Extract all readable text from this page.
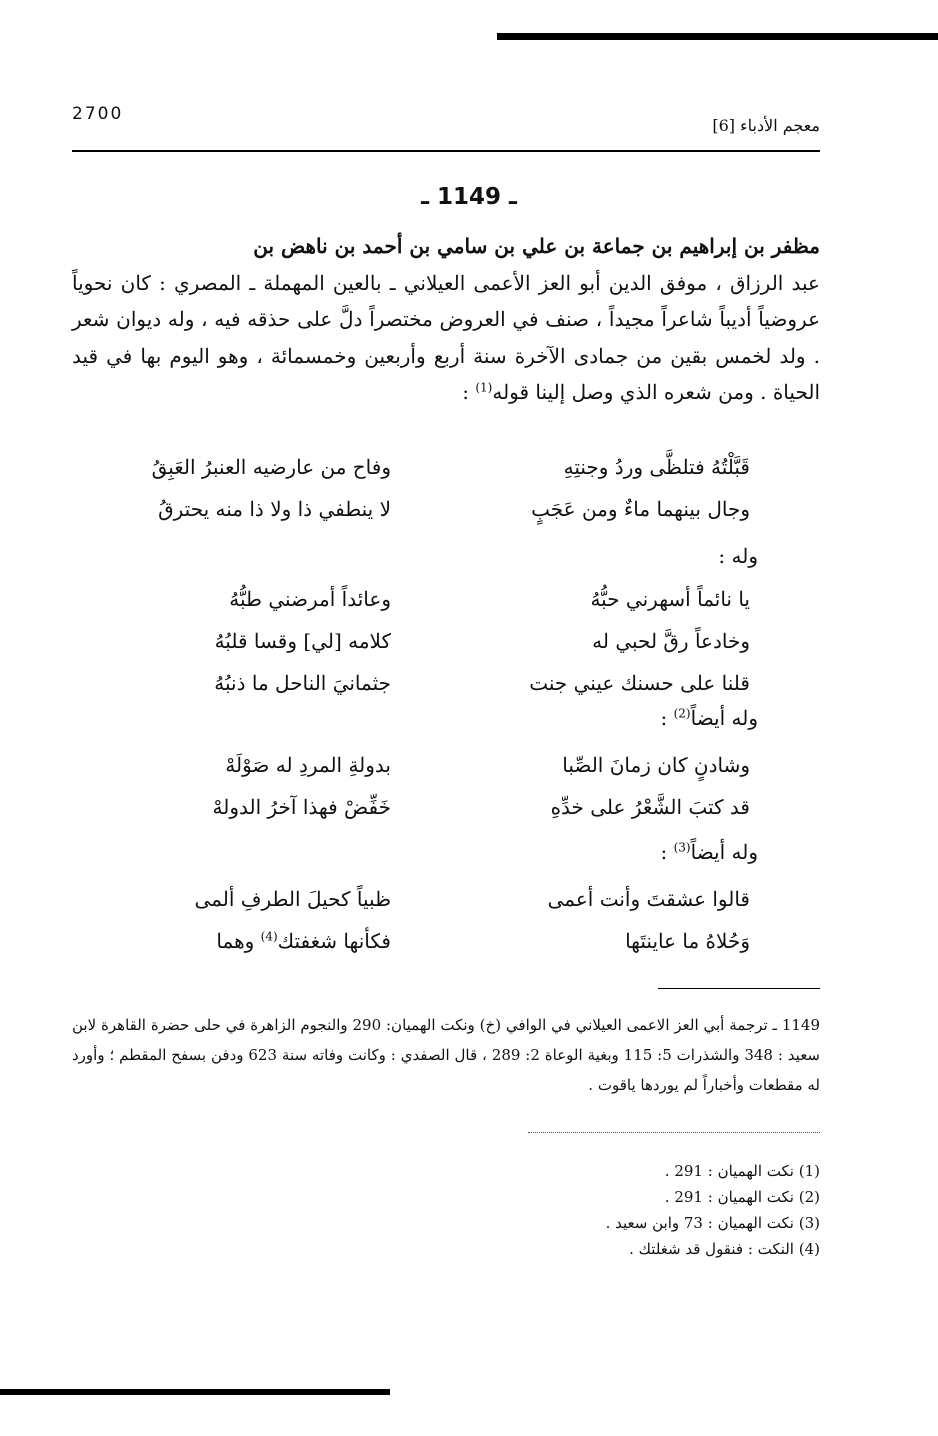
2700
معجم الأدباء [6]
ـ 1149 ـ

مظفر بن إبراهيم بن جماعة بن علي بن سامي بن أحمد بن ناهض بن

عبد الرزاق ، موفق الدين أبو العز الأعمى العيلاني ـ بالعين المهملة ـ المصري : كان نحوياً عروضياً أديباً شاعراً مجيداً ، صنف في العروض مختصراً دلَّ على حذقه فيه ، وله ديوان شعر . ولد لخمس بقين من جمادى الآخرة سنة أربع وأربعين وخمسمائة ، وهو اليوم بها في قيد الحياة . ومن شعره الذي وصل إلينا قوله$^{(1)}$ :

قَبَّلْتُهُ فتلظَّى وردُ وجنتِهِ
وفاح من عارضيه العنبرُ العَبِقُ
وجال بينهما ماءٌ ومن عَجَبٍ
لا ينطفي ذا ولا ذا منه يحترقُ
وله :
يا نائماً أسهرني حبُّهُ
وعائداً أمرضني طبُّهُ
وخادعاً رقَّ لحبي له
كلامه [لي] وقسا قلبُهُ
قلنا على حسنك عيني جنت
جثمانيَ الناحل ما ذنبُهُ
وله أيضاً$^{(2)}$ :
وشادنٍ كان زمانَ الصِّبا
بدولةِ المردِ له صَوْلَهْ
قد كتبَ الشَّعْرُ على خدِّهِ
خَفِّضْ فهذا آخرُ الدولهْ
وله أيضاً$^{(3)}$ :
قالوا عشقتَ وأنت أعمى
ظبياً كحيلَ الطرفِ ألمى
وَحُلاهُ ما عاينتَها
فكأنها شغفتك$^{(4)}$ وهما
1149 ـ ترجمة أبي العز الاعمى العيلاني في الوافي (خ) ونكت الهميان: 290 والنجوم الزاهرة في حلى حضرة القاهرة لابن سعيد : 348 والشذرات 5: 115 وبغية الوعاة 2: 289 ، قال الصفدي : وكانت وفاته سنة 623 ودفن بسفح المقطم ؛ وأورد له مقطعات وأخباراً لم يوردها ياقوت .
(1) نكت الهميان : 291 .
(2) نكت الهميان : 291 .
(3) نكت الهميان : 73 وابن سعيد .
(4) النكت : فنقول قد شغلتك .
